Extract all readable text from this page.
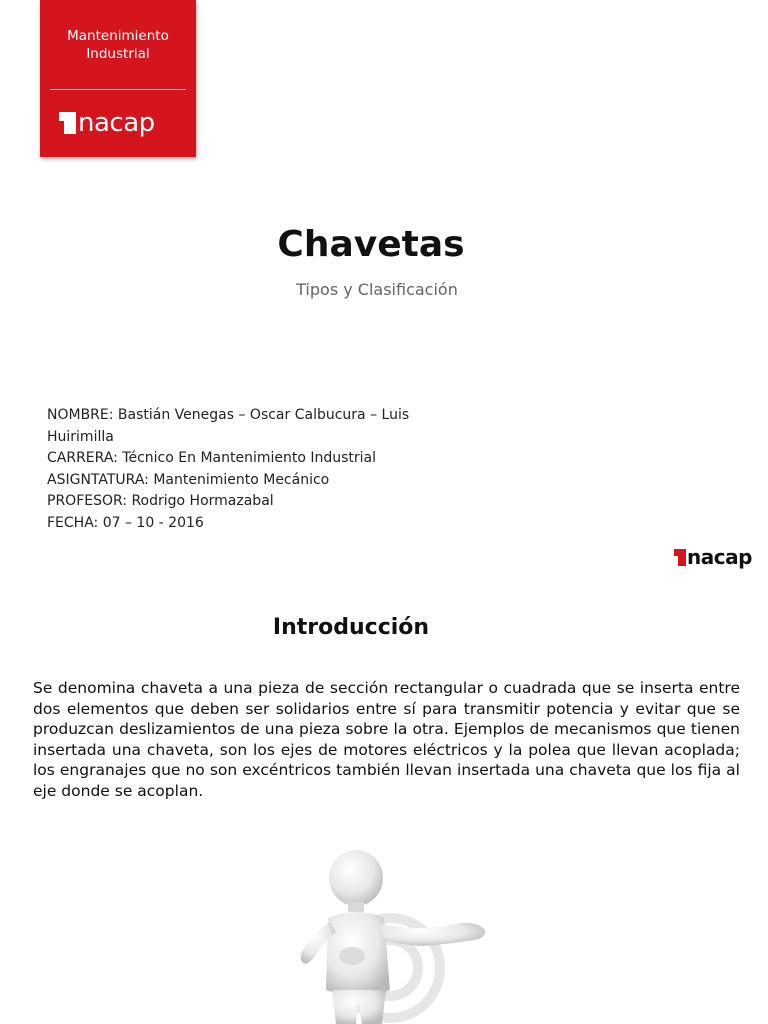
Mantenimiento
Industrial
nacap
Chavetas
Tipos y Clasificación
NOMBRE: Bastián Venegas – Oscar Calbucura – Luis
Huirimilla
CARRERA: Técnico En Mantenimiento Industrial
ASIGNTATURA: Mantenimiento Mecánico
PROFESOR: Rodrigo Hormazabal
FECHA: 07 – 10 - 2016
nacap
Introducción
Se denomina chaveta a una pieza de sección rectangular o cuadrada que se inserta entre dos elementos que deben ser solidarios entre sí para transmitir potencia y evitar que se produzcan deslizamientos de una pieza sobre la otra. Ejemplos de mecanismos que tienen insertada una chaveta, son los ejes de motores eléctricos y la polea que llevan acoplada; los engranajes que no son excéntricos también llevan insertada una chaveta que los fija al eje donde se acoplan.
